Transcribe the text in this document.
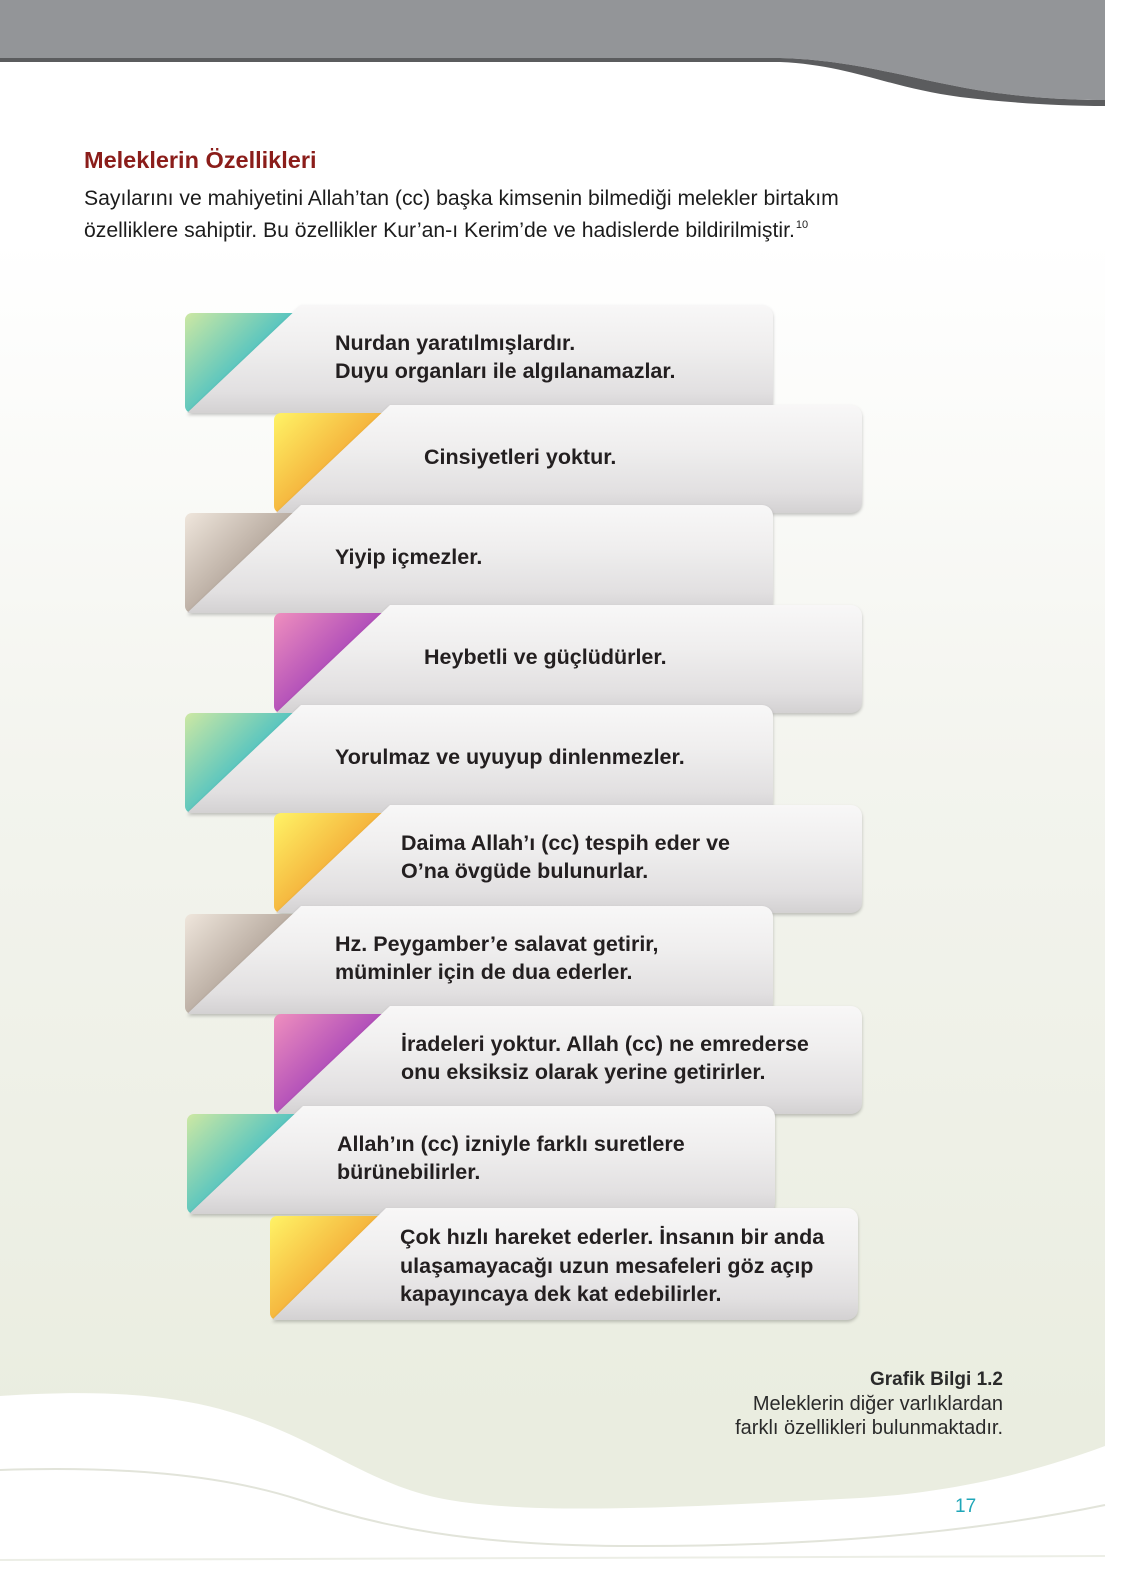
Meleklerin Özellikleri
Sayılarını ve mahiyetini Allah’tan (cc) başka kimsenin bilmediği melekler birtakım
özelliklere sahiptir. Bu özellikler Kur’an-ı Kerim’de ve hadislerde bildirilmiştir.$^{10}$
Nurdan yaratılmışlardır.
Duyu organları ile algılanamazlar.
Cinsiyetleri yoktur.
Yiyip içmezler.
Heybetli ve güçlüdürler.
Yorulmaz ve uyuyup dinlenmezler.
Daima Allah’ı (cc) tespih eder ve
O’na övgüde bulunurlar.
Hz. Peygamber’e salavat getirir,
müminler için de dua ederler.
İradeleri yoktur. Allah (cc) ne emrederse
onu eksiksiz olarak yerine getirirler.
Allah’ın (cc) izniyle farklı suretlere
bürünebilirler.
Çok hızlı hareket ederler. İnsanın bir anda
ulaşamayacağı uzun mesafeleri göz açıp
kapayıncaya dek kat edebilirler.
Grafik Bilgi 1.2
Meleklerin diğer varlıklardan
farklı özellikleri bulunmaktadır.
17
